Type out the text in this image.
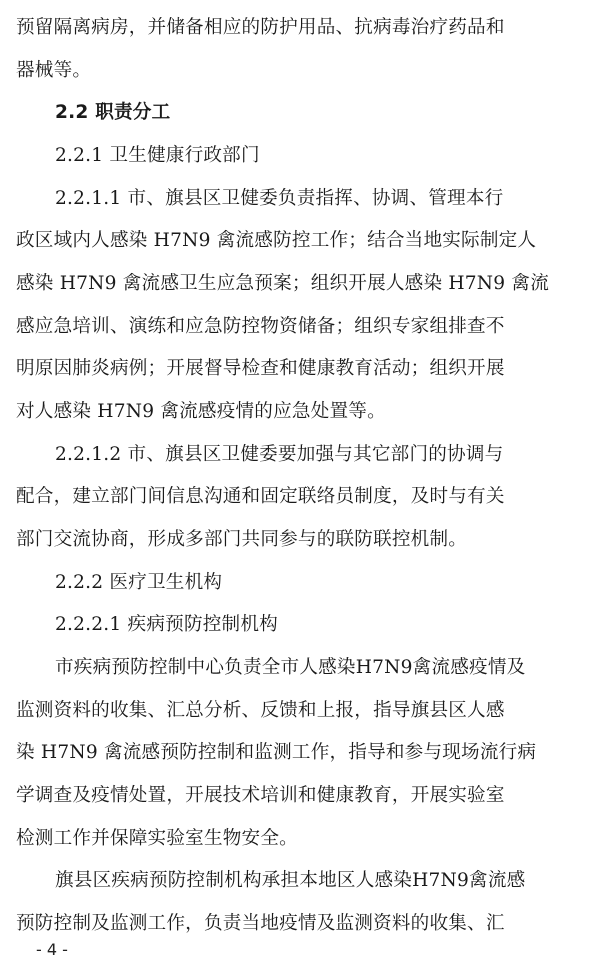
预留隔离病房，并储备相应的防护用品、抗病毒治疗药品和
器械等。
2.2 职责分工
2.2.1 卫生健康行政部门
2.2.1.1 市、旗县区卫健委负责指挥、协调、管理本行
政区域内人感染 H7N9 禽流感防控工作；结合当地实际制定人
感染 H7N9 禽流感卫生应急预案；组织开展人感染 H7N9 禽流
感应急培训、演练和应急防控物资储备；组织专家组排查不
明原因肺炎病例；开展督导检查和健康教育活动；组织开展
对人感染 H7N9 禽流感疫情的应急处置等。
2.2.1.2 市、旗县区卫健委要加强与其它部门的协调与
配合，建立部门间信息沟通和固定联络员制度，及时与有关
部门交流协商，形成多部门共同参与的联防联控机制。
2.2.2 医疗卫生机构
2.2.2.1 疾病预防控制机构
市疾病预防控制中心负责全市人感染H7N9禽流感疫情及
监测资料的收集、汇总分析、反馈和上报，指导旗县区人感
染 H7N9 禽流感预防控制和监测工作，指导和参与现场流行病
学调查及疫情处置，开展技术培训和健康教育，开展实验室
检测工作并保障实验室生物安全。
旗县区疾病预防控制机构承担本地区人感染H7N9禽流感
预防控制及监测工作，负责当地疫情及监测资料的收集、汇
- 4 -
